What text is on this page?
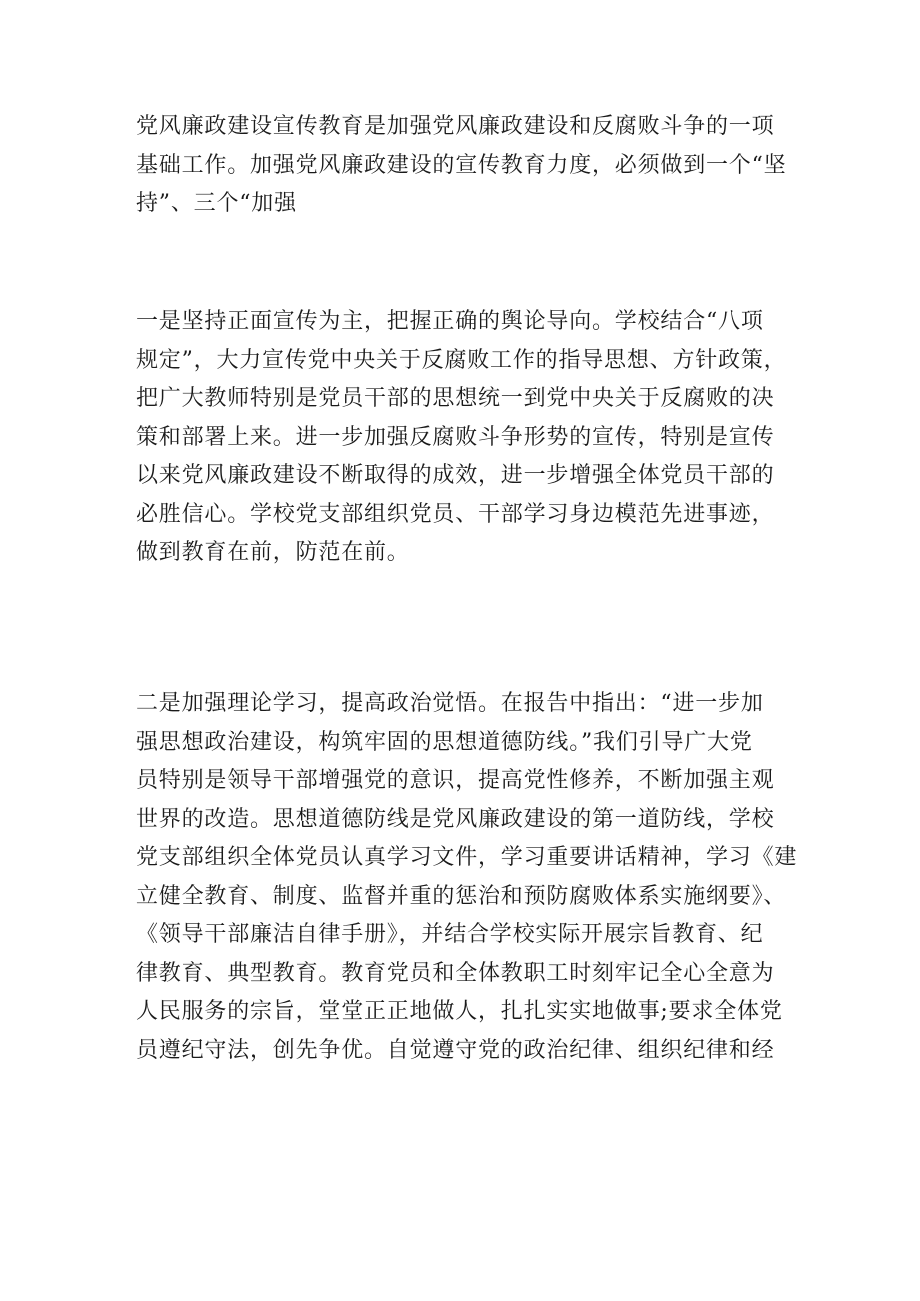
党风廉政建设宣传教育是加强党风廉政建设和反腐败斗争的一项
基础工作。加强党风廉政建设的宣传教育力度，必须做到一个“坚
持”、三个“加强

一是坚持正面宣传为主，把握正确的舆论导向。学校结合“八项
规定”，大力宣传党中央关于反腐败工作的指导思想、方针政策，
把广大教师特别是党员干部的思想统一到党中央关于反腐败的决
策和部署上来。进一步加强反腐败斗争形势的宣传，特别是宣传
以来党风廉政建设不断取得的成效，进一步增强全体党员干部的
必胜信心。学校党支部组织党员、干部学习身边模范先进事迹，
做到教育在前，防范在前。

二是加强理论学习，提高政治觉悟。在报告中指出：“进一步加
强思想政治建设，构筑牢固的思想道德防线。”我们引导广大党
员特别是领导干部增强党的意识，提高党性修养，不断加强主观
世界的改造。思想道德防线是党风廉政建设的第一道防线，学校
党支部组织全体党员认真学习文件，学习重要讲话精神，学习《建
立健全教育、制度、监督并重的惩治和预防腐败体系实施纲要》、
《领导干部廉洁自律手册》，并结合学校实际开展宗旨教育、纪
律教育、典型教育。教育党员和全体教职工时刻牢记全心全意为
人民服务的宗旨，堂堂正正地做人，扎扎实实地做事;要求全体党
员遵纪守法，创先争优。自觉遵守党的政治纪律、组织纪律和经
